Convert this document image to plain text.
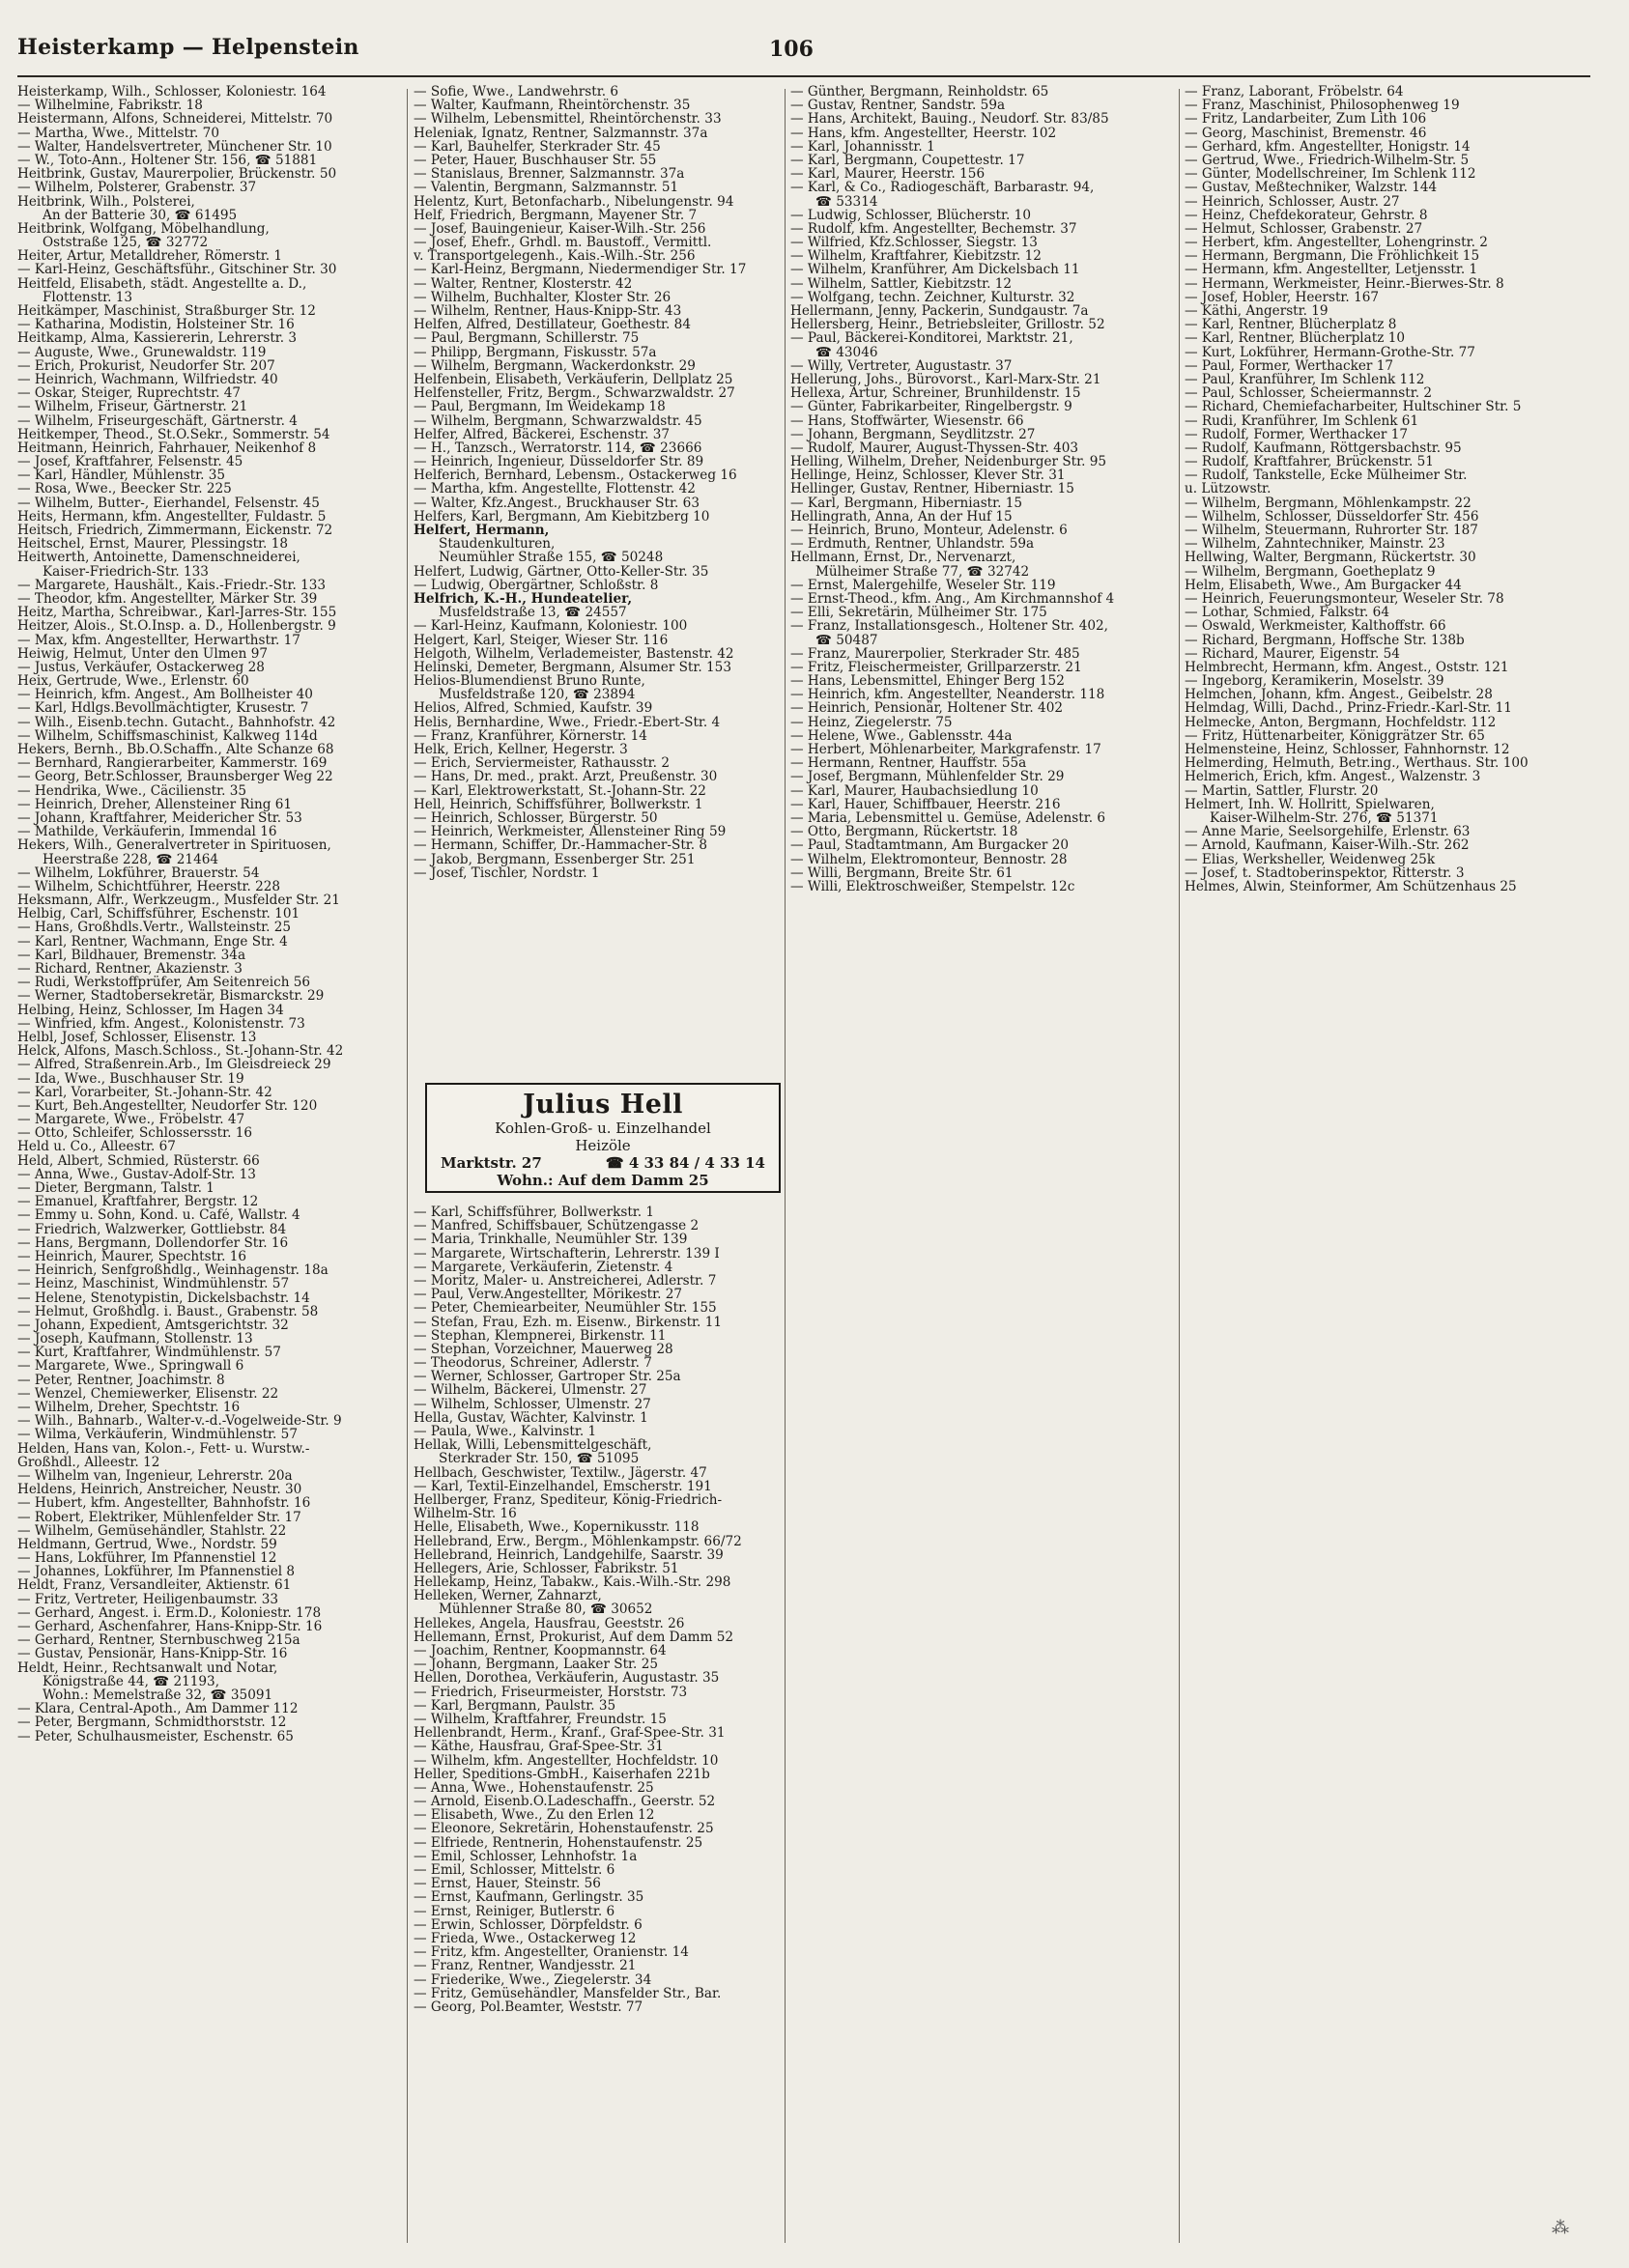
Heisterkamp — Helpenstein	106
Heisterkamp, Wilh., Schlosser, Koloniestr. 164
— Wilhelmine, Fabrikstr. 18
Heistermann, Alfons, Schneiderei, Mittelstr. 70
— Martha, Wwe., Mittelstr. 70
— Walter, Handelsvertreter, Münchener Str. 10
— W., Toto-Ann., Holtener Str. 156, ☎ 51881
Heitbrink, Gustav, Maurerpolier, Brückenstr. 50
— Wilhelm, Polsterer, Grabenstr. 37
Heitbrink, Wilh., Polsterei,
An der Batterie 30, ☎ 61495
Heitbrink, Wolfgang, Möbelhandlung,
Oststraße 125, ☎ 32772
Heiter, Artur, Metalldreher, Römerstr. 1
— Karl-Heinz, Geschäftsführ., Gitschiner Str. 30
Heitfeld, Elisabeth, städt. Angestellte a. D.,
Flottenstr. 13
Heitkämper, Maschinist, Straßburger Str. 12
— Katharina, Modistin, Holsteiner Str. 16
Heitkamp, Alma, Kassiererin, Lehrerstr. 3
— Auguste, Wwe., Grunewaldstr. 119
— Erich, Prokurist, Neudorfer Str. 207
— Heinrich, Wachmann, Wilfriedstr. 40
— Oskar, Steiger, Ruprechtstr. 47
— Wilhelm, Friseur, Gärtnerstr. 21
— Wilhelm, Friseurgeschäft, Gärtnerstr. 4
Heitkemper, Theod., St.O.Sekr., Sommerstr. 54
Heitmann, Heinrich, Fahrhauer, Neikenhof 8
— Josef, Kraftfahrer, Felsenstr. 45
— Karl, Händler, Mühlenstr. 35
— Rosa, Wwe., Beecker Str. 225
— Wilhelm, Butter-, Eierhandel, Felsenstr. 45
Heits, Hermann, kfm. Angestellter, Fuldastr. 5
Heitsch, Friedrich, Zimmermann, Eickenstr. 72
Heitschel, Ernst, Maurer, Plessingstr. 18
Heitwerth, Antoinette, Damenschneiderei,
Kaiser-Friedrich-Str. 133
— Margarete, Haushält., Kais.-Friedr.-Str. 133
— Theodor, kfm. Angestellter, Märker Str. 39
Heitz, Martha, Schreibwar., Karl-Jarres-Str. 155
Heitzer, Alois., St.O.Insp. a. D., Hollenbergstr. 9
— Max, kfm. Angestellter, Herwarthstr. 17
Heiwig, Helmut, Unter den Ulmen 97
— Justus, Verkäufer, Ostackerweg 28
Heix, Gertrude, Wwe., Erlenstr. 60
— Heinrich, kfm. Angest., Am Bollheister 40
— Karl, Hdlgs.Bevollmächtigter, Krusestr. 7
— Wilh., Eisenb.techn. Gutacht., Bahnhofstr. 42
— Wilhelm, Schiffsmaschinist, Kalkweg 114d
Hekers, Bernh., Bb.O.Schaffn., Alte Schanze 68
— Bernhard, Rangierarbeiter, Kammerstr. 169
— Georg, Betr.Schlosser, Braunsberger Weg 22
— Hendrika, Wwe., Cäcilienstr. 35
— Heinrich, Dreher, Allensteiner Ring 61
— Johann, Kraftfahrer, Meidericher Str. 53
— Mathilde, Verkäuferin, Immendal 16
Hekers, Wilh., Generalvertreter in Spirituosen,
Heerstraße 228, ☎ 21464
— Wilhelm, Lokführer, Brauerstr. 54
— Wilhelm, Schichtführer, Heerstr. 228
Heksmann, Alfr., Werkzeugm., Musfelder Str. 21
Helbig, Carl, Schiffsführer, Eschenstr. 101
— Hans, Großhdls.Vertr., Wallsteinstr. 25
— Karl, Rentner, Wachmann, Enge Str. 4
— Karl, Bildhauer, Bremenstr. 34a
— Richard, Rentner, Akazienstr. 3
— Rudi, Werkstoffprüfer, Am Seitenreich 56
— Werner, Stadtobersekretär, Bismarckstr. 29
Helbing, Heinz, Schlosser, Im Hagen 34
— Winfried, kfm. Angest., Kolonistenstr. 73
Helbl, Josef, Schlosser, Elisenstr. 13
Helck, Alfons, Masch.Schloss., St.-Johann-Str. 42
— Alfred, Straßenrein.Arb., Im Gleisdreieck 29
— Ida, Wwe., Buschhauser Str. 19
— Karl, Vorarbeiter, St.-Johann-Str. 42
— Kurt, Beh.Angestellter, Neudorfer Str. 120
— Margarete, Wwe., Fröbelstr. 47
— Otto, Schleifer, Schlossersstr. 16
Held u. Co., Alleestr. 67
Held, Albert, Schmied, Rüsterstr. 66
— Anna, Wwe., Gustav-Adolf-Str. 13
— Dieter, Bergmann, Talstr. 1
— Emanuel, Kraftfahrer, Bergstr. 12
— Emmy u. Sohn, Kond. u. Café, Wallstr. 4
— Friedrich, Walzwerker, Gottliebstr. 84
— Hans, Bergmann, Dollendorfer Str. 16
— Heinrich, Maurer, Spechtstr. 16
— Heinrich, Senfgroßhdlg., Weinhagenstr. 18a
— Heinz, Maschinist, Windmühlenstr. 57
— Helene, Stenotypistin, Dickelsbachstr. 14
— Helmut, Großhdlg. i. Baust., Grabenstr. 58
— Johann, Expedient, Amtsgerichtstr. 32
— Joseph, Kaufmann, Stollenstr. 13
— Kurt, Kraftfahrer, Windmühlenstr. 57
— Margarete, Wwe., Springwall 6
— Peter, Rentner, Joachimstr. 8
— Wenzel, Chemiewerker, Elisenstr. 22
— Wilhelm, Dreher, Spechtstr. 16
— Wilh., Bahnarb., Walter-v.-d.-Vogelweide-Str. 9
— Wilma, Verkäuferin, Windmühlenstr. 57
Helden, Hans van, Kolon.-, Fett- u. Wurstw.-
Großhdl., Alleestr. 12
— Wilhelm van, Ingenieur, Lehrerstr. 20a
Heldens, Heinrich, Anstreicher, Neustr. 30
— Hubert, kfm. Angestellter, Bahnhofstr. 16
— Robert, Elektriker, Mühlenfelder Str. 17
— Wilhelm, Gemüsehändler, Stahlstr. 22
Heldmann, Gertrud, Wwe., Nordstr. 59
— Hans, Lokführer, Im Pfannenstiel 12
— Johannes, Lokführer, Im Pfannenstiel 8
Heldt, Franz, Versandleiter, Aktienstr. 61
— Fritz, Vertreter, Heiligenbaumstr. 33
— Gerhard, Angest. i. Erm.D., Koloniestr. 178
— Gerhard, Aschenfahrer, Hans-Knipp-Str. 16
— Gerhard, Rentner, Sternbuschweg 215a
— Gustav, Pensionär, Hans-Knipp-Str. 16
Heldt, Heinr., Rechtsanwalt und Notar,
Königstraße 44, ☎ 21193,
Wohn.: Memelstraße 32, ☎ 35091
— Klara, Central-Apoth., Am Dammer 112
— Peter, Bergmann, Schmidthorststr. 12
— Peter, Schulhausmeister, Eschenstr. 65
— Sofie, Wwe., Landwehrstr. 6
— Walter, Kaufmann, Rheintörchenstr. 35
— Wilhelm, Lebensmittel, Rheintörchenstr. 33
Heleniak, Ignatz, Rentner, Salzmannstr. 37a
— Karl, Bauhelfer, Sterkrader Str. 45
— Peter, Hauer, Buschhauser Str. 55
— Stanislaus, Brenner, Salzmannstr. 37a
— Valentin, Bergmann, Salzmannstr. 51
Helentz, Kurt, Betonfacharb., Nibelungenstr. 94
Helf, Friedrich, Bergmann, Mayener Str. 7
— Josef, Bauingenieur, Kaiser-Wilh.-Str. 256
— Josef, Ehefr., Grhdl. m. Baustoff., Vermittl.
v. Transportgelegenh., Kais.-Wilh.-Str. 256
— Karl-Heinz, Bergmann, Niedermendiger Str. 17
— Walter, Rentner, Klosterstr. 42
— Wilhelm, Buchhalter, Kloster Str. 26
— Wilhelm, Rentner, Haus-Knipp-Str. 43
Helfen, Alfred, Destillateur, Goethestr. 84
— Paul, Bergmann, Schillerstr. 75
— Philipp, Bergmann, Fiskusstr. 57a
— Wilhelm, Bergmann, Wackerdonkstr. 29
Helfenbein, Elisabeth, Verkäuferin, Dellplatz 25
Helfensteller, Fritz, Bergm., Schwarzwaldstr. 27
— Paul, Bergmann, Im Weidekamp 18
— Wilhelm, Bergmann, Schwarzwaldstr. 45
Helfer, Alfred, Bäckerei, Eschenstr. 37
— H., Tanzsch., Werratorstr. 114, ☎ 23666
— Heinrich, Ingenieur, Düsseldorfer Str. 89
Helferich, Bernhard, Lebensm., Ostackerweg 16
— Martha, kfm. Angestellte, Flottenstr. 42
— Walter, Kfz.Angest., Bruckhauser Str. 63
Helfers, Karl, Bergmann, Am Kiebitzberg 10
Helfert, Hermann,
Staudenkulturen,
Neumühler Straße 155, ☎ 50248
Helfert, Ludwig, Gärtner, Otto-Keller-Str. 35
— Ludwig, Obergärtner, Schloßstr. 8
Helfrich, K.-H., Hundeatelier,
Musfeldstraße 13, ☎ 24557
— Karl-Heinz, Kaufmann, Koloniestr. 100
Helgert, Karl, Steiger, Wieser Str. 116
Helgoth, Wilhelm, Verlademeister, Bastenstr. 42
Helinski, Demeter, Bergmann, Alsumer Str. 153
Helios-Blumendienst Bruno Runte,
Musfeldstraße 120, ☎ 23894
Helios, Alfred, Schmied, Kaufstr. 39
Helis, Bernhardine, Wwe., Friedr.-Ebert-Str. 4
— Franz, Kranführer, Körnerstr. 14
Helk, Erich, Kellner, Hegerstr. 3
— Erich, Serviermeister, Rathausstr. 2
— Hans, Dr. med., prakt. Arzt, Preußenstr. 30
— Karl, Elektrowerkstatt, St.-Johann-Str. 22
Hell, Heinrich, Schiffsführer, Bollwerkstr. 1
— Heinrich, Schlosser, Bürgerstr. 50
— Heinrich, Werkmeister, Allensteiner Ring 59
— Hermann, Schiffer, Dr.-Hammacher-Str. 8
— Jakob, Bergmann, Essenberger Str. 251
— Josef, Tischler, Nordstr. 1
Julius Hell
Kohlen-Groß- u. Einzelhandel
Heizöle
Marktstr. 27	☎ 4 33 84 / 4 33 14
Wohn.: Auf dem Damm 25
— Karl, Schiffsführer, Bollwerkstr. 1
— Manfred, Schiffsbauer, Schützengasse 2
— Maria, Trinkhalle, Neumühler Str. 139
— Margarete, Wirtschafterin, Lehrerstr. 139 I
— Margarete, Verkäuferin, Zietenstr. 4
— Moritz, Maler- u. Anstreicherei, Adlerstr. 7
— Paul, Verw.Angestellter, Mörikestr. 27
— Peter, Chemiearbeiter, Neumühler Str. 155
— Stefan, Frau, Ezh. m. Eisenw., Birkenstr. 11
— Stephan, Klempnerei, Birkenstr. 11
— Stephan, Vorzeichner, Mauerweg 28
— Theodorus, Schreiner, Adlerstr. 7
— Werner, Schlosser, Gartroper Str. 25a
— Wilhelm, Bäckerei, Ulmenstr. 27
— Wilhelm, Schlosser, Ulmenstr. 27
Hella, Gustav, Wächter, Kalvinstr. 1
— Paula, Wwe., Kalvinstr. 1
Hellak, Willi, Lebensmittelgeschäft,
Sterkrader Str. 150, ☎ 51095
Hellbach, Geschwister, Textilw., Jägerstr. 47
— Karl, Textil-Einzelhandel, Emscherstr. 191
Hellberger, Franz, Spediteur, König-Friedrich-
Wilhelm-Str. 16
Helle, Elisabeth, Wwe., Kopernikusstr. 118
Hellebrand, Erw., Bergm., Möhlenkampstr. 66/72
Hellebrand, Heinrich, Landgehilfe, Saarstr. 39
Hellegers, Arie, Schlosser, Fabrikstr. 51
Hellekamp, Heinz, Tabakw., Kais.-Wilh.-Str. 298
Helleken, Werner, Zahnarzt,
Mühlenner Straße 80, ☎ 30652
Hellekes, Angela, Hausfrau, Geeststr. 26
Hellemann, Ernst, Prokurist, Auf dem Damm 52
— Joachim, Rentner, Koopmannstr. 64
— Johann, Bergmann, Laaker Str. 25
Hellen, Dorothea, Verkäuferin, Augustastr. 35
— Friedrich, Friseurmeister, Horststr. 73
— Karl, Bergmann, Paulstr. 35
— Wilhelm, Kraftfahrer, Freundstr. 15
Hellenbrandt, Herm., Kranf., Graf-Spee-Str. 31
— Käthe, Hausfrau, Graf-Spee-Str. 31
— Wilhelm, kfm. Angestellter, Hochfeldstr. 10
Heller, Speditions-GmbH., Kaiserhafen 221b
— Anna, Wwe., Hohenstaufenstr. 25
— Arnold, Eisenb.O.Ladeschaffn., Geerstr. 52
— Elisabeth, Wwe., Zu den Erlen 12
— Eleonore, Sekretärin, Hohenstaufenstr. 25
— Elfriede, Rentnerin, Hohenstaufenstr. 25
— Emil, Schlosser, Lehnhofstr. 1a
— Emil, Schlosser, Mittelstr. 6
— Ernst, Hauer, Steinstr. 56
— Ernst, Kaufmann, Gerlingstr. 35
— Ernst, Reiniger, Butlerstr. 6
— Erwin, Schlosser, Dörpfeldstr. 6
— Frieda, Wwe., Ostackerweg 12
— Fritz, kfm. Angestellter, Oranienstr. 14
— Franz, Rentner, Wandjesstr. 21
— Friederike, Wwe., Ziegelerstr. 34
— Fritz, Gemüsehändler, Mansfelder Str., Bar.
— Georg, Pol.Beamter, Weststr. 77
— Günther, Bergmann, Reinholdstr. 65
— Gustav, Rentner, Sandstr. 59a
— Hans, Architekt, Bauing., Neudorf. Str. 83/85
— Hans, kfm. Angestellter, Heerstr. 102
— Karl, Johannisstr. 1
— Karl, Bergmann, Coupettestr. 17
— Karl, Maurer, Heerstr. 156
— Karl, & Co., Radiogeschäft, Barbarastr. 94,
☎ 53314
— Ludwig, Schlosser, Blücherstr. 10
— Rudolf, kfm. Angestellter, Bechemstr. 37
— Wilfried, Kfz.Schlosser, Siegstr. 13
— Wilhelm, Kraftfahrer, Kiebitzstr. 12
— Wilhelm, Kranführer, Am Dickelsbach 11
— Wilhelm, Sattler, Kiebitzstr. 12
— Wolfgang, techn. Zeichner, Kulturstr. 32
Hellermann, Jenny, Packerin, Sundgaustr. 7a
Hellersberg, Heinr., Betriebsleiter, Grillostr. 52
— Paul, Bäckerei-Konditorei, Marktstr. 21,
☎ 43046
— Willy, Vertreter, Augustastr. 37
Hellerung, Johs., Bürovorst., Karl-Marx-Str. 21
Hellexa, Artur, Schreiner, Brunhildenstr. 15
— Günter, Fabrikarbeiter, Ringelbergstr. 9
— Hans, Stoffwärter, Wiesenstr. 66
— Johann, Bergmann, Seydlitzstr. 27
— Rudolf, Maurer, August-Thyssen-Str. 403
Helling, Wilhelm, Dreher, Neidenburger Str. 95
Hellinge, Heinz, Schlosser, Klever Str. 31
Hellinger, Gustav, Rentner, Hiberniastr. 15
— Karl, Bergmann, Hiberniastr. 15
Hellingrath, Anna, An der Huf 15
— Heinrich, Bruno, Monteur, Adelenstr. 6
— Erdmuth, Rentner, Uhlandstr. 59a
Hellmann, Ernst, Dr., Nervenarzt,
Mülheimer Straße 77, ☎ 32742
— Ernst, Malergehilfe, Weseler Str. 119
— Ernst-Theod., kfm. Ang., Am Kirchmannshof 4
— Elli, Sekretärin, Mülheimer Str. 175
— Franz, Installationsgesch., Holtener Str. 402,
☎ 50487
— Franz, Maurerpolier, Sterkrader Str. 485
— Fritz, Fleischermeister, Grillparzerstr. 21
— Hans, Lebensmittel, Ehinger Berg 152
— Heinrich, kfm. Angestellter, Neanderstr. 118
— Heinrich, Pensionär, Holtener Str. 402
— Heinz, Ziegelerstr. 75
— Helene, Wwe., Gablensstr. 44a
— Herbert, Möhlenarbeiter, Markgrafenstr. 17
— Hermann, Rentner, Hauffstr. 55a
— Josef, Bergmann, Mühlenfelder Str. 29
— Karl, Maurer, Haubachsiedlung 10
— Karl, Hauer, Schiffbauer, Heerstr. 216
— Maria, Lebensmittel u. Gemüse, Adelenstr. 6
— Otto, Bergmann, Rückertstr. 18
— Paul, Stadtamtmann, Am Burgacker 20
— Wilhelm, Elektromonteur, Bennostr. 28
— Willi, Bergmann, Breite Str. 61
— Willi, Elektroschweißer, Stempelstr. 12c
— Franz, Laborant, Fröbelstr. 64
— Franz, Maschinist, Philosophenweg 19
— Fritz, Landarbeiter, Zum Lith 106
— Georg, Maschinist, Bremenstr. 46
— Gerhard, kfm. Angestellter, Honigstr. 14
— Gertrud, Wwe., Friedrich-Wilhelm-Str. 5
— Günter, Modellschreiner, Im Schlenk 112
— Gustav, Meßtechniker, Walzstr. 144
— Heinrich, Schlosser, Austr. 27
— Heinz, Chefdekorateur, Gehrstr. 8
— Helmut, Schlosser, Grabenstr. 27
— Herbert, kfm. Angestellter, Lohengrinstr. 2
— Hermann, Bergmann, Die Fröhlichkeit 15
— Hermann, kfm. Angestellter, Letjensstr. 1
— Hermann, Werkmeister, Heinr.-Bierwes-Str. 8
— Josef, Hobler, Heerstr. 167
— Käthi, Angerstr. 19
— Karl, Rentner, Blücherplatz 8
— Karl, Rentner, Blücherplatz 10
— Kurt, Lokführer, Hermann-Grothe-Str. 77
— Paul, Former, Werthacker 17
— Paul, Kranführer, Im Schlenk 112
— Paul, Schlosser, Scheiermannstr. 2
— Richard, Chemiefacharbeiter, Hultschiner Str. 5
— Rudi, Kranführer, Im Schlenk 61
— Rudolf, Former, Werthacker 17
— Rudolf, Kaufmann, Röttgersbachstr. 95
— Rudolf, Kraftfahrer, Brückenstr. 51
— Rudolf, Tankstelle, Ecke Mülheimer Str.
u. Lützowstr.
— Wilhelm, Bergmann, Möhlenkampstr. 22
— Wilhelm, Schlosser, Düsseldorfer Str. 456
— Wilhelm, Steuermann, Ruhrorter Str. 187
— Wilhelm, Zahntechniker, Mainstr. 23
Hellwing, Walter, Bergmann, Rückertstr. 30
— Wilhelm, Bergmann, Goetheplatz 9
Helm, Elisabeth, Wwe., Am Burgacker 44
— Heinrich, Feuerungsmonteur, Weseler Str. 78
— Lothar, Schmied, Falkstr. 64
— Oswald, Werkmeister, Kalthoffstr. 66
— Richard, Bergmann, Hoffsche Str. 138b
— Richard, Maurer, Eigenstr. 54
Helmbrecht, Hermann, kfm. Angest., Oststr. 121
— Ingeborg, Keramikerin, Moselstr. 39
Helmchen, Johann, kfm. Angest., Geibelstr. 28
Helmdag, Willi, Dachd., Prinz-Friedr.-Karl-Str. 11
Helmecke, Anton, Bergmann, Hochfeldstr. 112
— Fritz, Hüttenarbeiter, Königgrätzer Str. 65
Helmensteine, Heinz, Schlosser, Fahnhornstr. 12
Helmerding, Helmuth, Betr.ing., Werthaus. Str. 100
Helmerich, Erich, kfm. Angest., Walzenstr. 3
— Martin, Sattler, Flurstr. 20
Helmert, Inh. W. Hollritt, Spielwaren,
Kaiser-Wilhelm-Str. 276, ☎ 51371
— Anne Marie, Seelsorgehilfe, Erlenstr. 63
— Arnold, Kaufmann, Kaiser-Wilh.-Str. 262
— Elias, Werksheller, Weidenweg 25k
— Josef, t. Stadtoberinspektor, Ritterstr. 3
Helmes, Alwin, Steinformer, Am Schützenhaus 25
⁂
